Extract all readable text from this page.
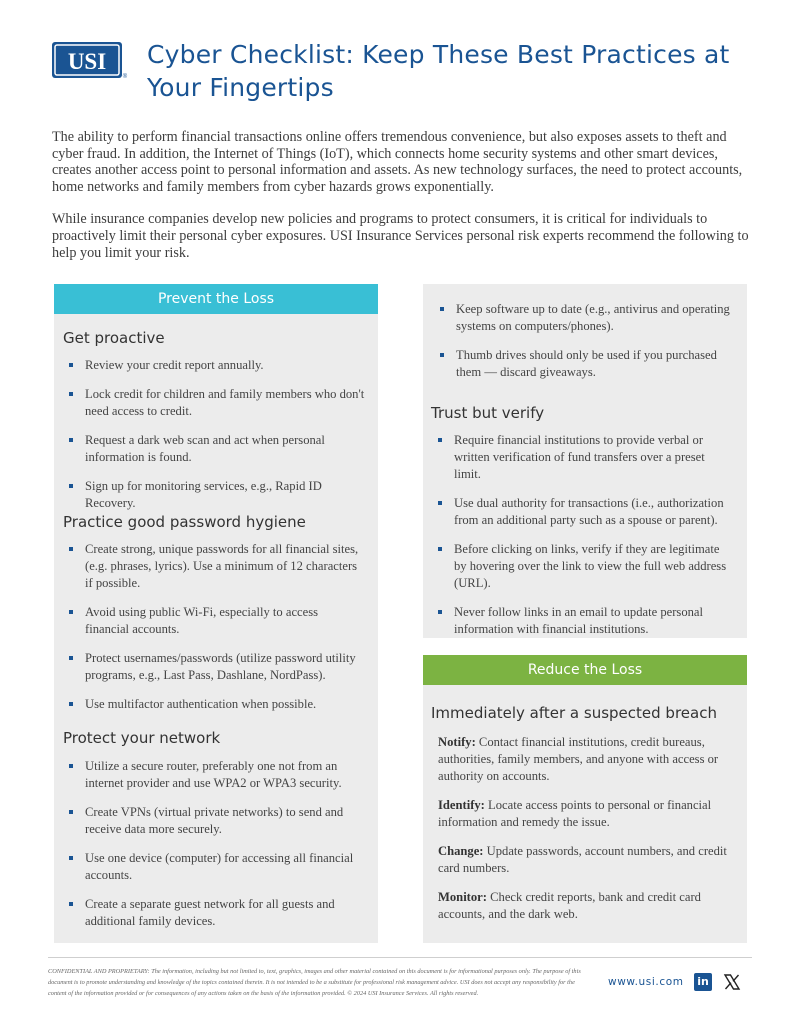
USI
®
Cyber Checklist: Keep These Best Practices at Your Fingertips

The ability to perform financial transactions online offers tremendous convenience, but also exposes assets to theft and cyber fraud. In addition, the Internet of Things (IoT), which connects home security systems and other smart devices, creates another access point to personal information and assets. As new technology surfaces, the need to protect accounts, home networks and family members from cyber hazards grows exponentially.

While insurance companies develop new policies and programs to protect consumers, it is critical for individuals to proactively limit their personal cyber exposures. USI Insurance Services personal risk experts recommend the following to help you limit your risk.

Prevent the Loss
Get proactive
Review your credit report annually.
Lock credit for children and family members who don't need access to credit.
Request a dark web scan and act when personal information is found.
Sign up for monitoring services, e.g., Rapid ID Recovery.
Practice good password hygiene
Create strong, unique passwords for all financial sites, (e.g. phrases, lyrics). Use a minimum of 12 characters if possible.
Avoid using public Wi-Fi, especially to access financial accounts.
Protect usernames/passwords (utilize password utility programs, e.g., Last Pass, Dashlane, NordPass).
Use multifactor authentication when possible.
Protect your network
Utilize a secure router, preferably one not from an internet provider and use WPA2 or WPA3 security.
Create VPNs (virtual private networks) to send and receive data more securely.
Use one device (computer) for accessing all financial accounts.
Create a separate guest network for all guests and additional family devices.
Keep software up to date (e.g., antivirus and operating systems on computers/phones).
Thumb drives should only be used if you purchased them — discard giveaways.
Trust but verify
Require financial institutions to provide verbal or written verification of fund transfers over a preset limit.
Use dual authority for transactions (i.e., authorization from an additional party such as a spouse or parent).
Before clicking on links, verify if they are legitimate by hovering over the link to view the full web address (URL).
Never follow links in an email to update personal information with financial institutions.
Reduce the Loss
Immediately after a suspected breach

Notify: Contact financial institutions, credit bureaus, authorities, family members, and anyone with access or authority on accounts.

Identify: Locate access points to personal or financial information and remedy the issue.

Change: Update passwords, account numbers, and credit card numbers.

Monitor: Check credit reports, bank and credit card accounts, and the dark web.

CONFIDENTIAL AND PROPRIETARY: The information, including but not limited to, text, graphics, images and other material contained on this document is for informational purposes only. The purpose of this document is to promote understanding and knowledge of the topics contained therein. It is not intended to be a substitute for professional risk management advice. USI does not accept any responsibility for the content of the information provided or for consequences of any actions taken on the basis of the information provided. © 2024 USI Insurance Services. All rights reserved.
www.usi.com in
